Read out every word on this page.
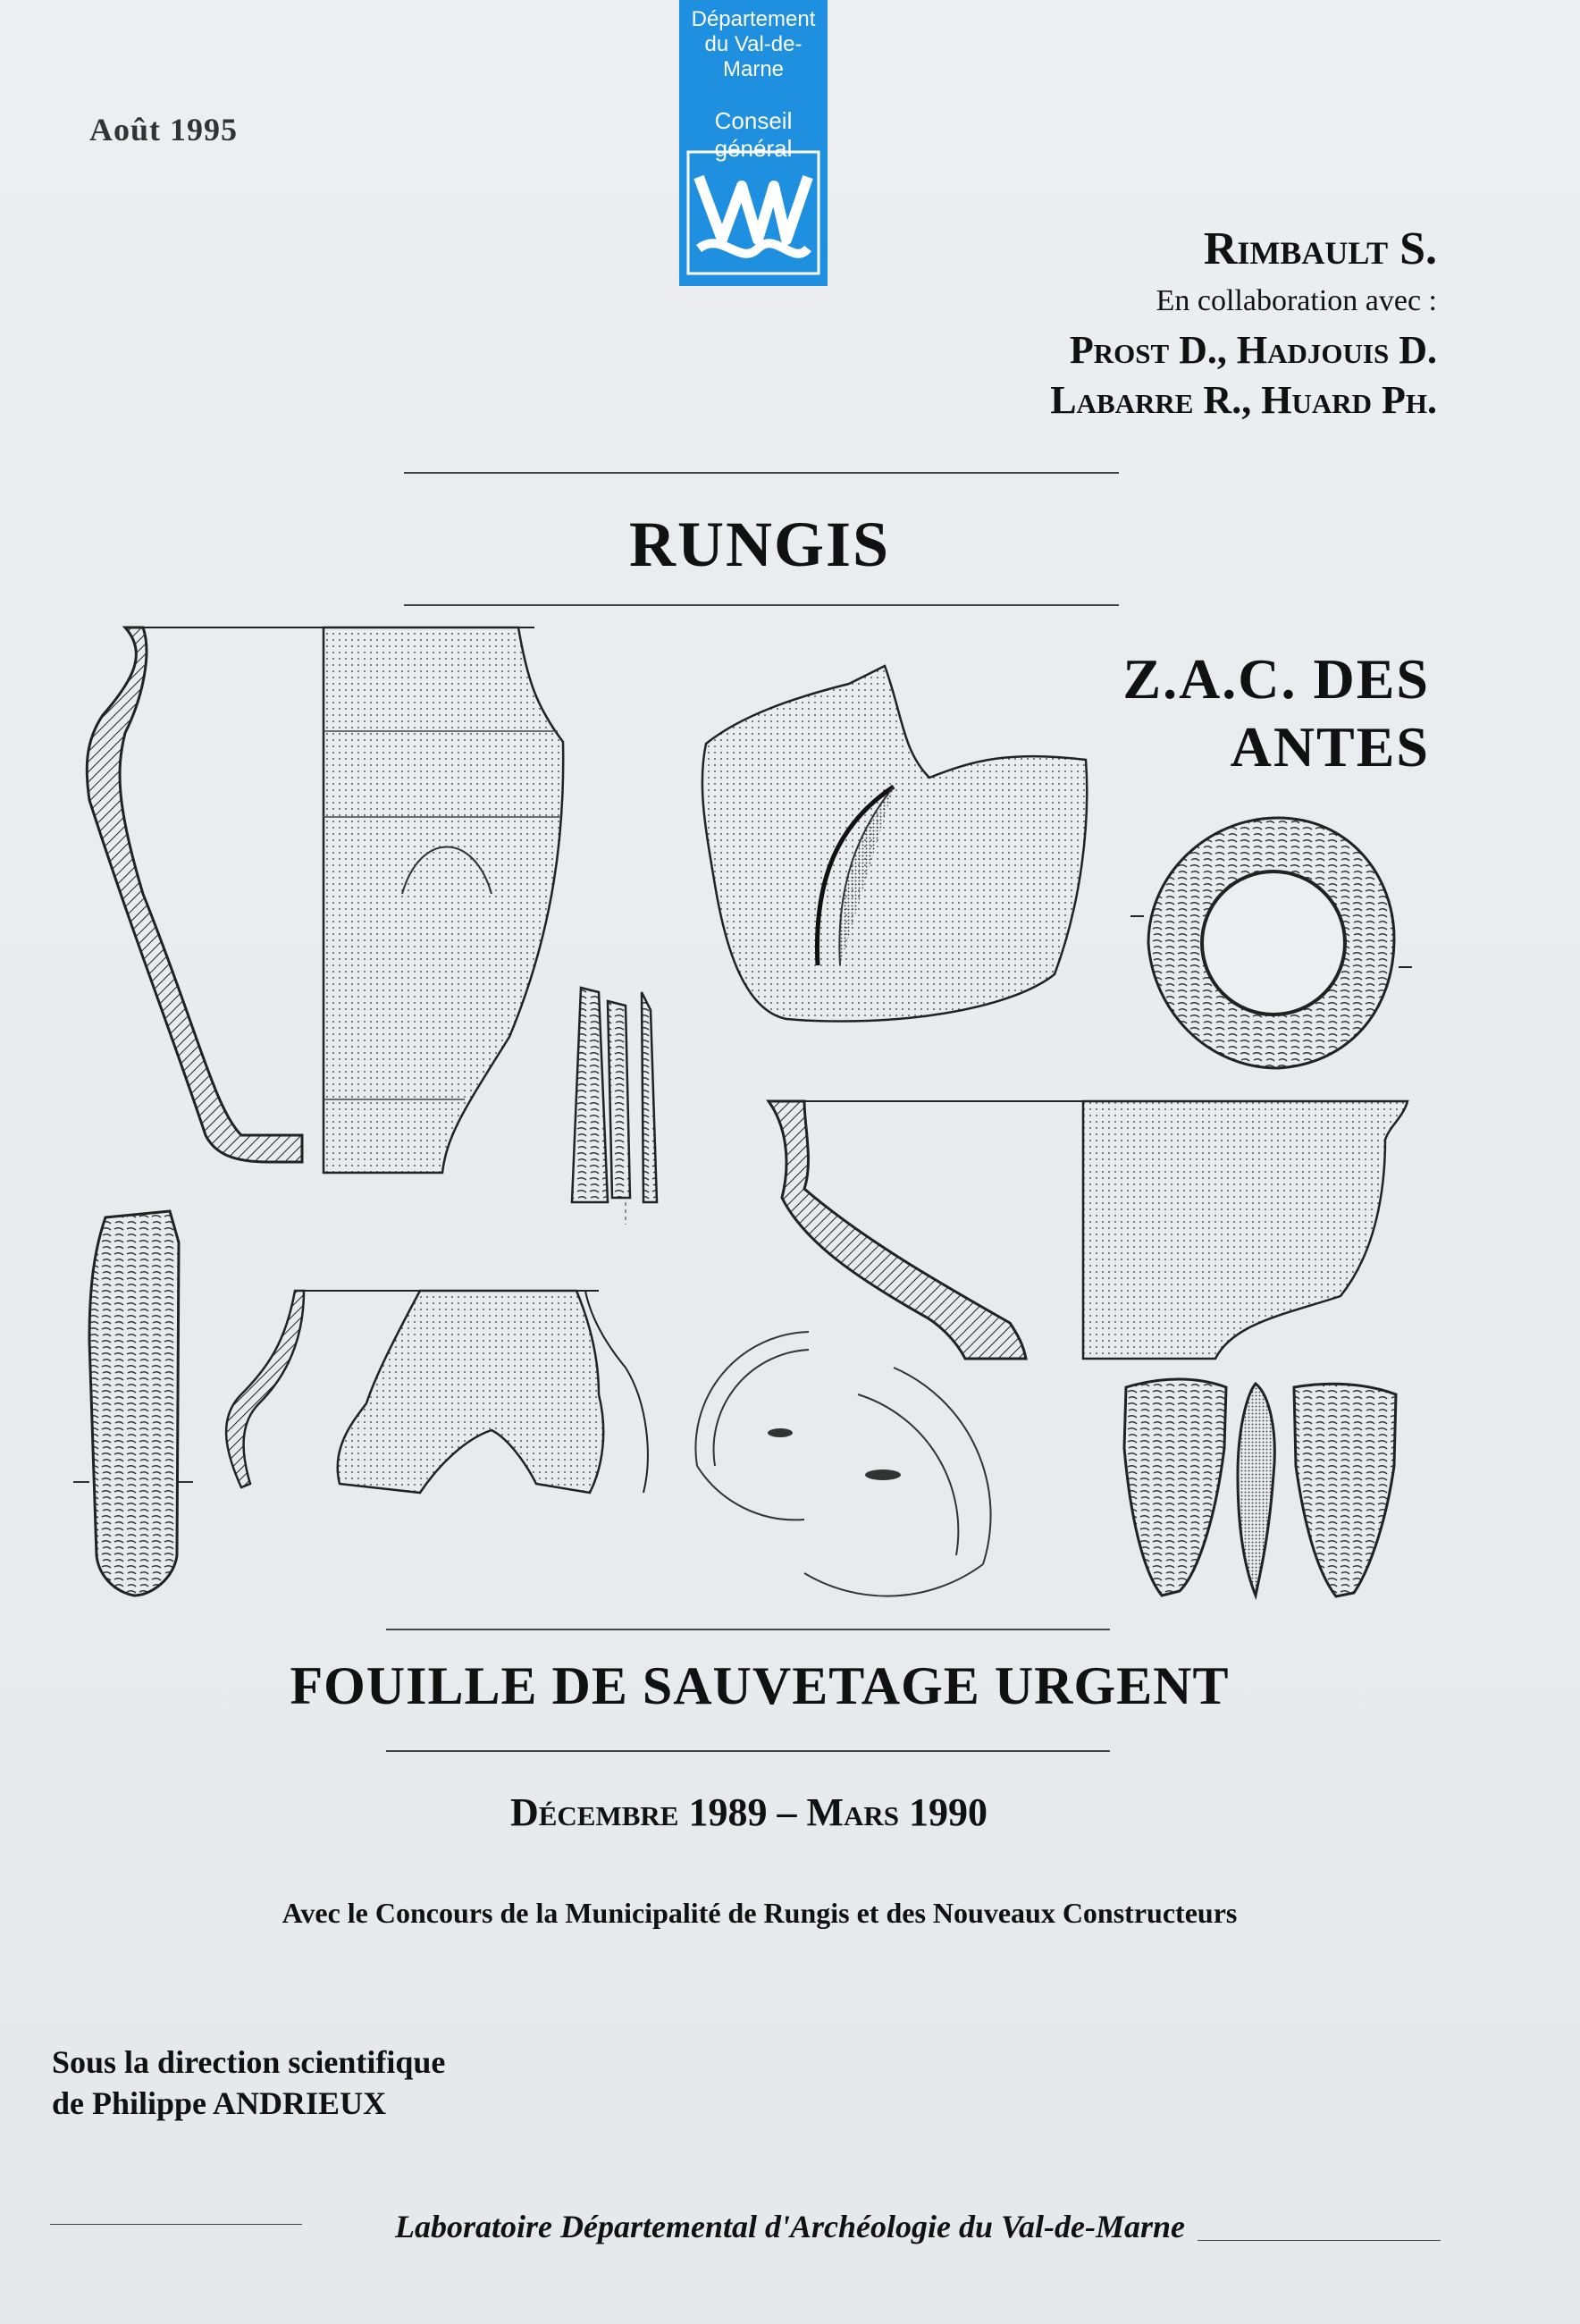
Août 1995
Département
du Val-de-Marne
Conseil général
Rimbault S.
En collaboration avec :
Prost D., Hadjouis D.
Labarre R., Huard Ph.
RUNGIS
Z.A.C. DES
ANTES
FOUILLE DE SAUVETAGE URGENT
Décembre 1989 – Mars 1990
Avec le Concours de la Municipalité de Rungis et des Nouveaux Constructeurs
Sous la direction scientifique
de Philippe ANDRIEUX
Laboratoire Départemental d'Archéologie du Val-de-Marne
